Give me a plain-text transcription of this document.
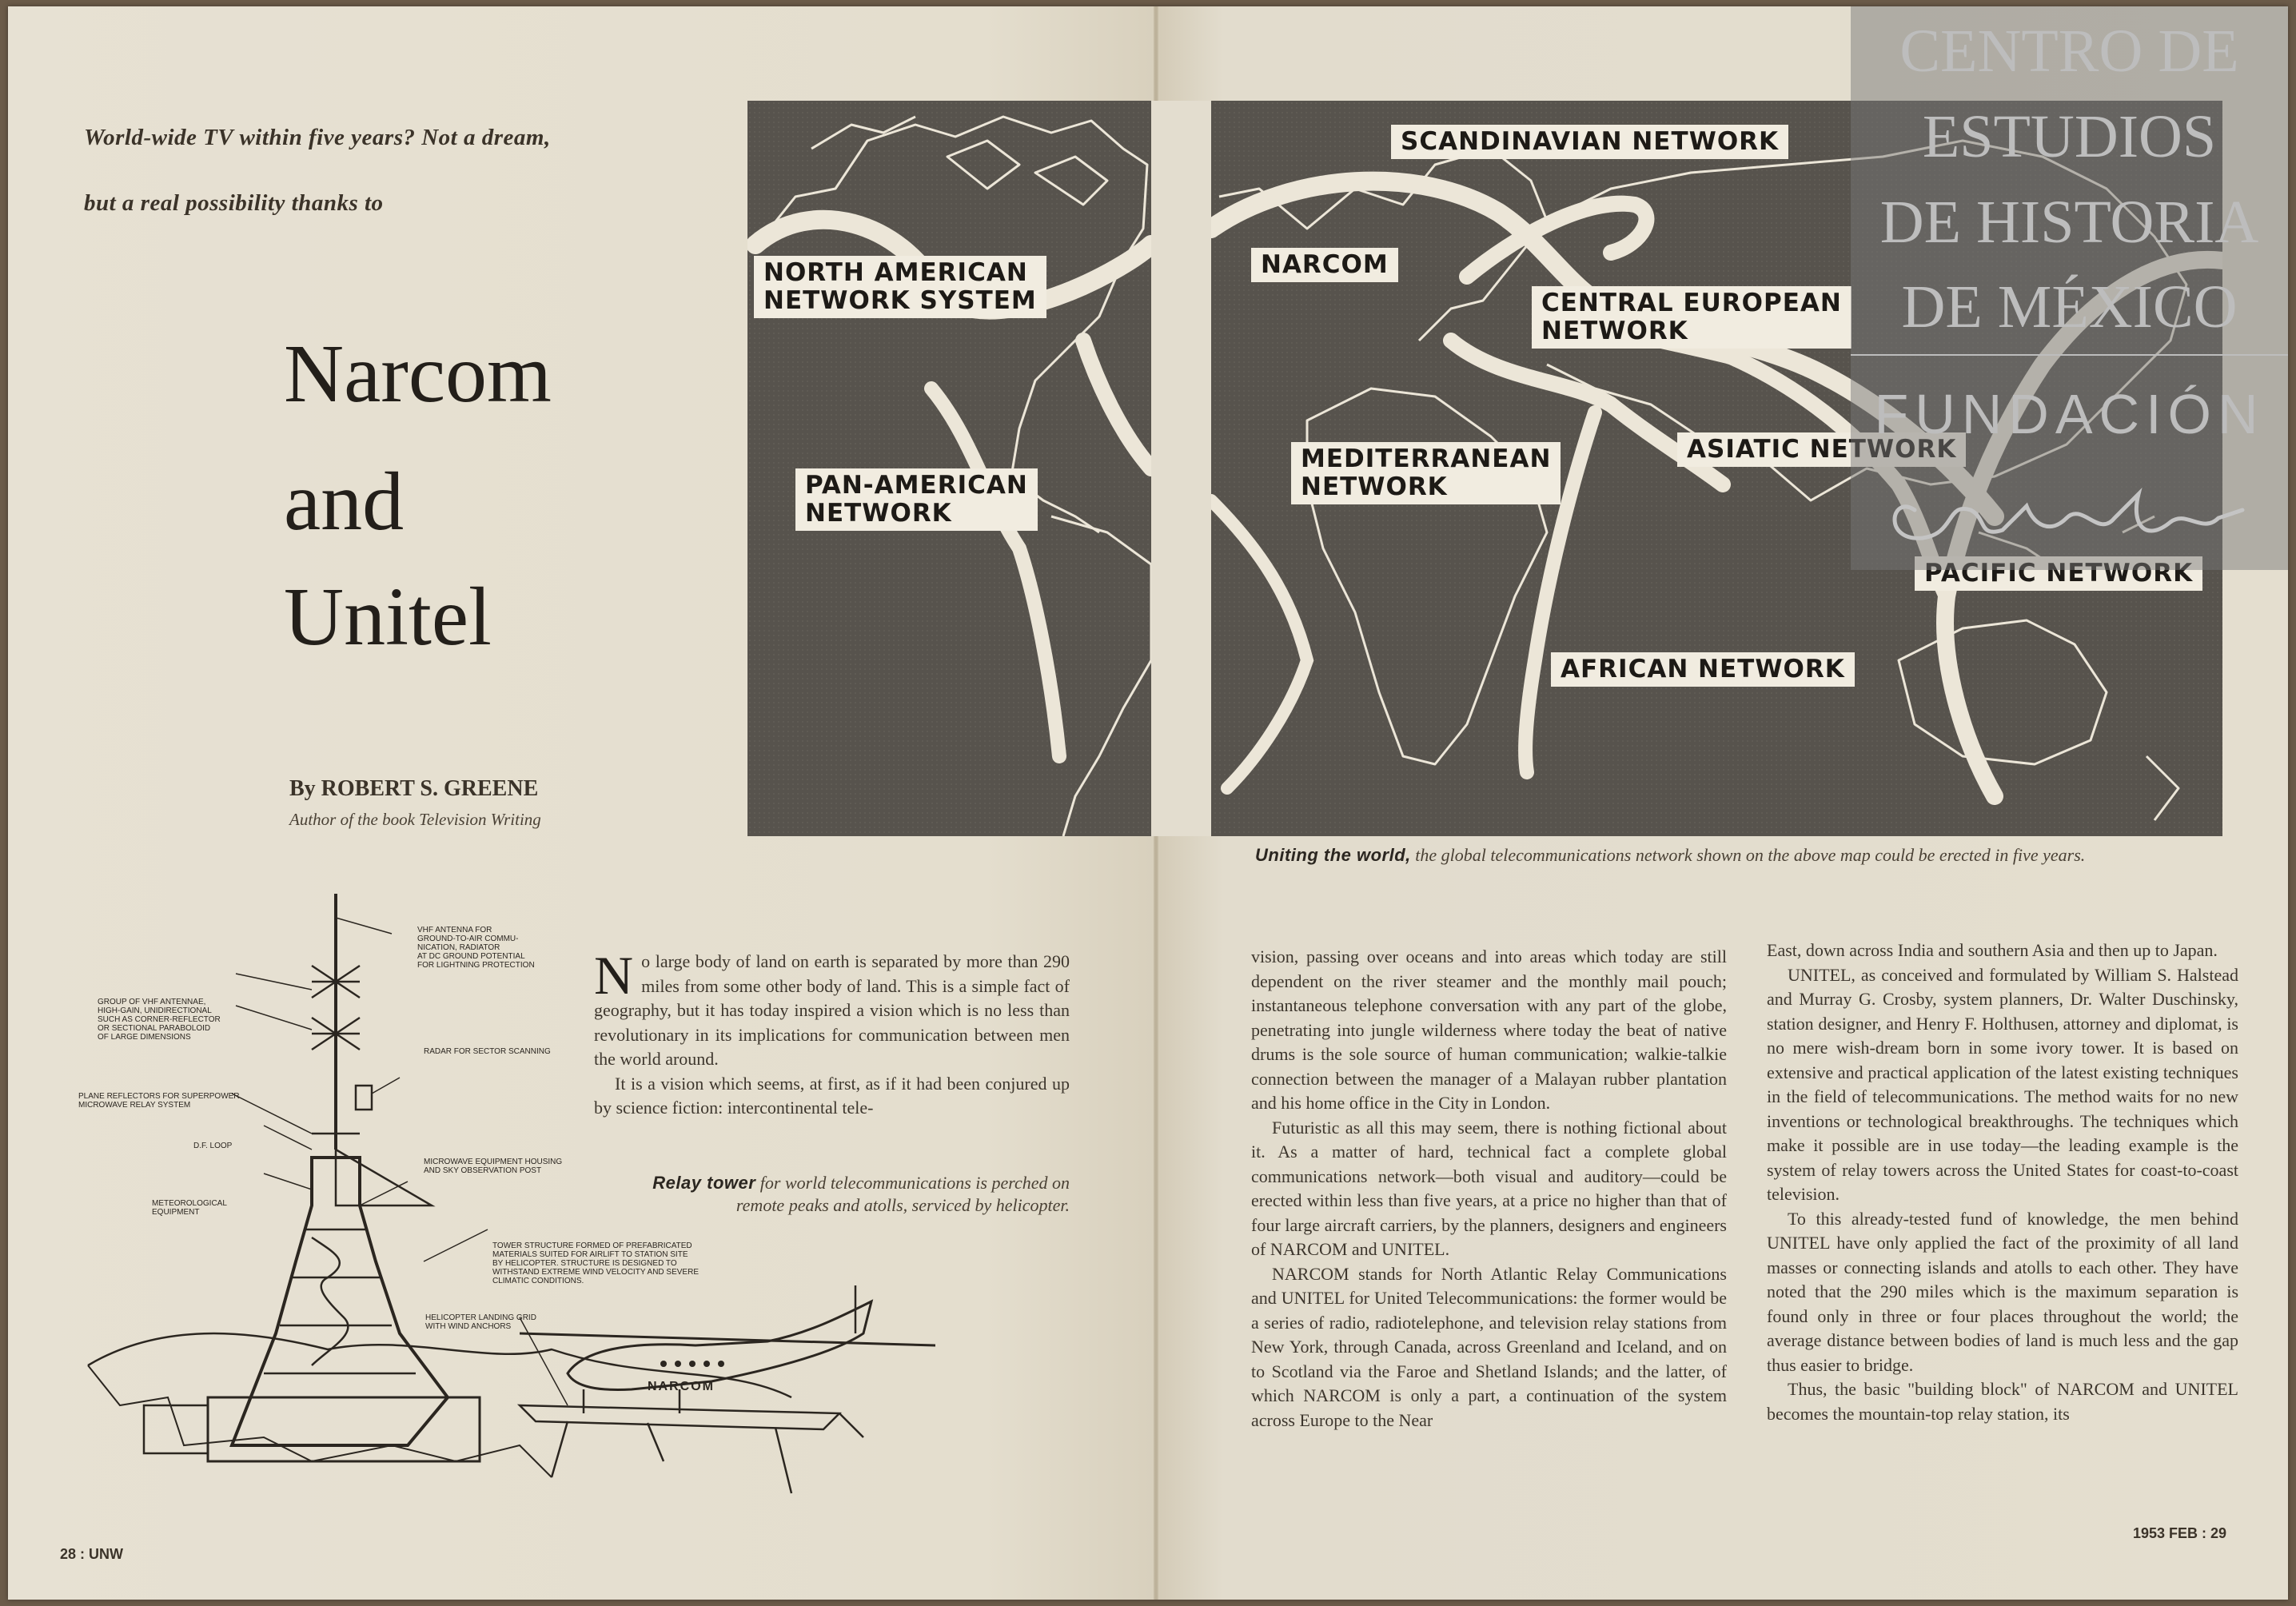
World-wide TV within five years? Not a dream,
but a real possibility thanks to
Narcom
and
Unitel
By ROBERT S. GREENE
Author of the book Television Writing
NORTH AMERICAN
NETWORK SYSTEM
PAN-AMERICAN
NETWORK
SCANDINAVIAN NETWORK
NARCOM
CENTRAL EUROPEAN
NETWORK
MEDITERRANEAN
NETWORK
ASIATIC NETWORK
PACIFIC NETWORK
AFRICAN NETWORK
Uniting the world, the global telecommunications network shown on the above map could be erected in five years.
VHF ANTENNA FOR
GROUND-TO-AIR COMMU-
NICATION, RADIATOR
AT DC GROUND POTENTIAL
FOR LIGHTNING PROTECTION
GROUP OF VHF ANTENNAE,
HIGH-GAIN, UNIDIRECTIONAL
SUCH AS CORNER-REFLECTOR
OR SECTIONAL PARABOLOID
OF LARGE DIMENSIONS
RADAR FOR SECTOR SCANNING
PLANE REFLECTORS FOR SUPERPOWER
MICROWAVE RELAY SYSTEM
D.F. LOOP
MICROWAVE EQUIPMENT HOUSING
AND SKY OBSERVATION POST
METEOROLOGICAL
EQUIPMENT
TOWER STRUCTURE FORMED OF PREFABRICATED
MATERIALS SUITED FOR AIRLIFT TO STATION SITE
BY HELICOPTER. STRUCTURE IS DESIGNED TO
WITHSTAND EXTREME WIND VELOCITY AND SEVERE
CLIMATIC CONDITIONS.
HELICOPTER LANDING GRID
WITH WIND ANCHORS
NARCOM
Relay tower for world telecommunications is perched on remote peaks and atolls, serviced by helicopter.

No large body of land on earth is separated by more than 290 miles from some other body of land. This is a simple fact of geography, but it has today inspired a vision which is no less than revolutionary in its implications for communication between men the world around.

It is a vision which seems, at first, as if it had been conjured up by science fiction: intercontinental tele-

vision, passing over oceans and into areas which today are still dependent on the river steamer and the monthly mail pouch; instantaneous telephone conversation with any part of the globe, penetrating into jungle wilderness where today the beat of native drums is the sole source of human communication; walkie-talkie connection between the manager of a Malayan rubber plantation and his home office in the City in London.

Futuristic as all this may seem, there is nothing fictional about it. As a matter of hard, technical fact a complete global communications network—both visual and auditory—could be erected within less than five years, at a price no higher than that of four large aircraft carriers, by the planners, designers and engineers of NARCOM and UNITEL.

NARCOM stands for North Atlantic Relay Communications and UNITEL for United Telecommunications: the former would be a series of radio, radiotelephone, and television relay stations from New York, through Canada, across Greenland and Iceland, and on to Scotland via the Faroe and Shetland Islands; and the latter, of which NARCOM is only a part, a continuation of the system across Europe to the Near

East, down across India and southern Asia and then up to Japan.

UNITEL, as conceived and formulated by William S. Halstead and Murray G. Crosby, system planners, Dr. Walter Duschinsky, station designer, and Henry F. Holthusen, attorney and diplomat, is no mere wish-dream born in some ivory tower. It is based on extensive and practical application of the latest existing techniques in the field of telecommunications. The method waits for no new inventions or technological breakthroughs. The techniques which make it possible are in use today—the leading example is the system of relay towers across the United States for coast-to-coast television.

To this already-tested fund of knowledge, the men behind UNITEL have only applied the fact of the proximity of all land masses or connecting islands and atolls to each other. They have noted that the 290 miles which is the maximum separation is found only in three or four places throughout the world; the average distance between bodies of land is much less and the gap thus easier to bridge.

Thus, the basic "building block" of NARCOM and UNITEL becomes the mountain-top relay station, its

28 : UNW
1953 FEB : 29
CENTRO DE
ESTUDIOS
DE HISTORIA
DE MÉXICO
FUNDACIÓN
